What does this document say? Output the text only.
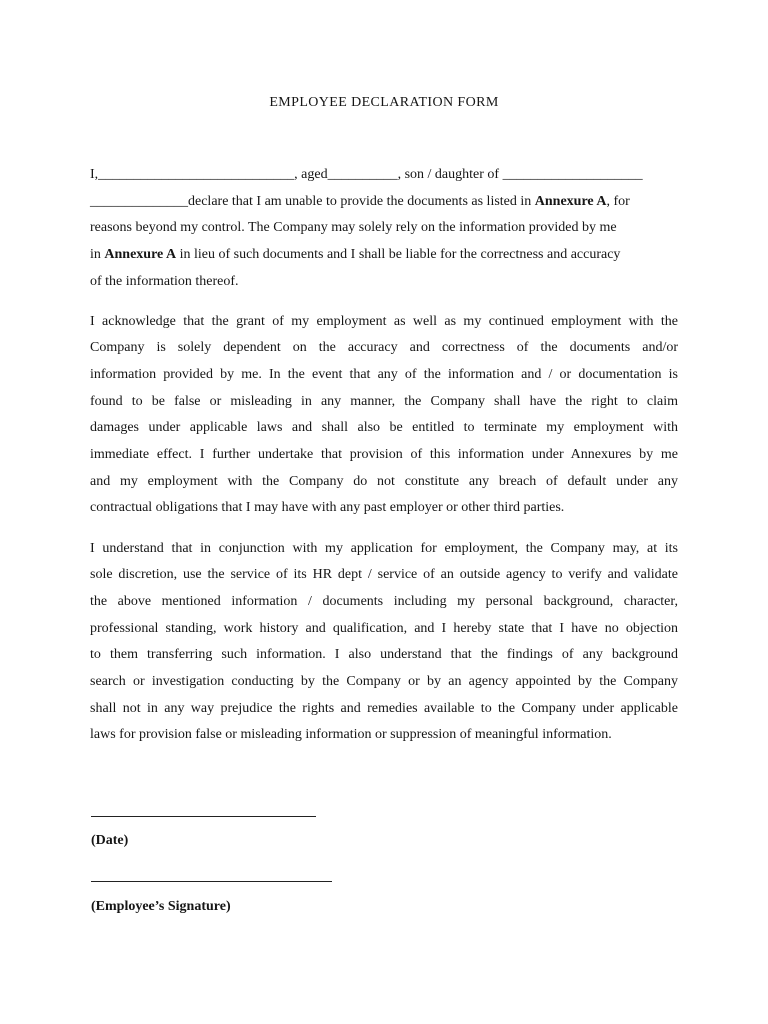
EMPLOYEE DECLARATION FORM
I,____________________________, aged__________, son / daughter of ____________________
______________declare that I am unable to provide the documents as listed in Annexure A, for
reasons beyond my control. The Company may solely rely on the information provided by me
in Annexure A in lieu of such documents and I shall be liable for the correctness and accuracy
of the information thereof.
I acknowledge that the grant of my employment as well as my continued employment with the
Company is solely dependent on the accuracy and correctness of the documents and/or
information provided by me. In the event that any of the information and / or documentation is
found to be false or misleading in any manner, the Company shall have the right to claim
damages under applicable laws and shall also be entitled to terminate my employment with
immediate effect. I further undertake that provision of this information under Annexures by me
and my employment with the Company do not constitute any breach of default under any
contractual obligations that I may have with any past employer or other third parties.
I understand that in conjunction with my application for employment, the Company may, at its
sole discretion, use the service of its HR dept / service of an outside agency to verify and validate
the above mentioned information / documents including my personal background, character,
professional standing, work history and qualification, and I hereby state that I have no objection
to them transferring such information. I also understand that the findings of any background
search or investigation conducting by the Company or by an agency appointed by the Company
shall not in any way prejudice the rights and remedies available to the Company under applicable
laws for provision false or misleading information or suppression of meaningful information.
(Date)
(Employee’s Signature)
